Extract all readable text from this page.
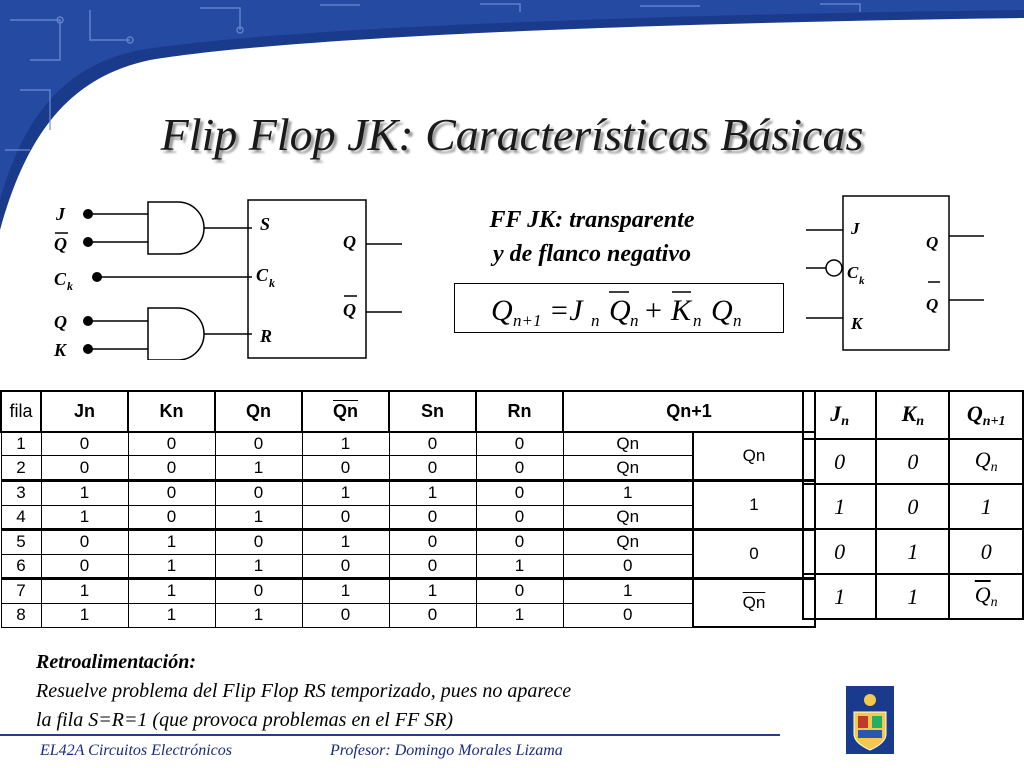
Flip Flop JK: Características Básicas
J
Q
C k
Q
K
S
C k
R
Q
Q
J
C k
K
Q
Q
FF JK: transparente
y de flanco negativo
Q n+1 =J n Q n + K n Q n
fila	Jn	Kn	Qn	$\overline{Qn}$	Sn	Rn	Qn+1	
1	0	0	0	1	0	0	Qn	Qn
2	0	0	1	0	0	0	Qn	
3	1	0	0	1	1	0	1	1
4	1	0	1	0	0	0	Qn	
5	0	1	0	1	0	0	Qn	0
6	0	1	1	0	0	1	0	
7	1	1	0	1	1	0	1	$\overline{Qn}$
8	1	1	1	0	0	1	0	
Jn	Kn	Qn+1
0	0	Qn
1	0	1
0	1	0
1	1	$\overline{Q}n$
Retroalimentación:
Resuelve problema del Flip Flop RS temporizado, pues no aparece
la fila S=R=1 (que provoca problemas en el FF SR)
EL42A Circuitos Electrónicos	Profesor: Domingo Morales Lizama
